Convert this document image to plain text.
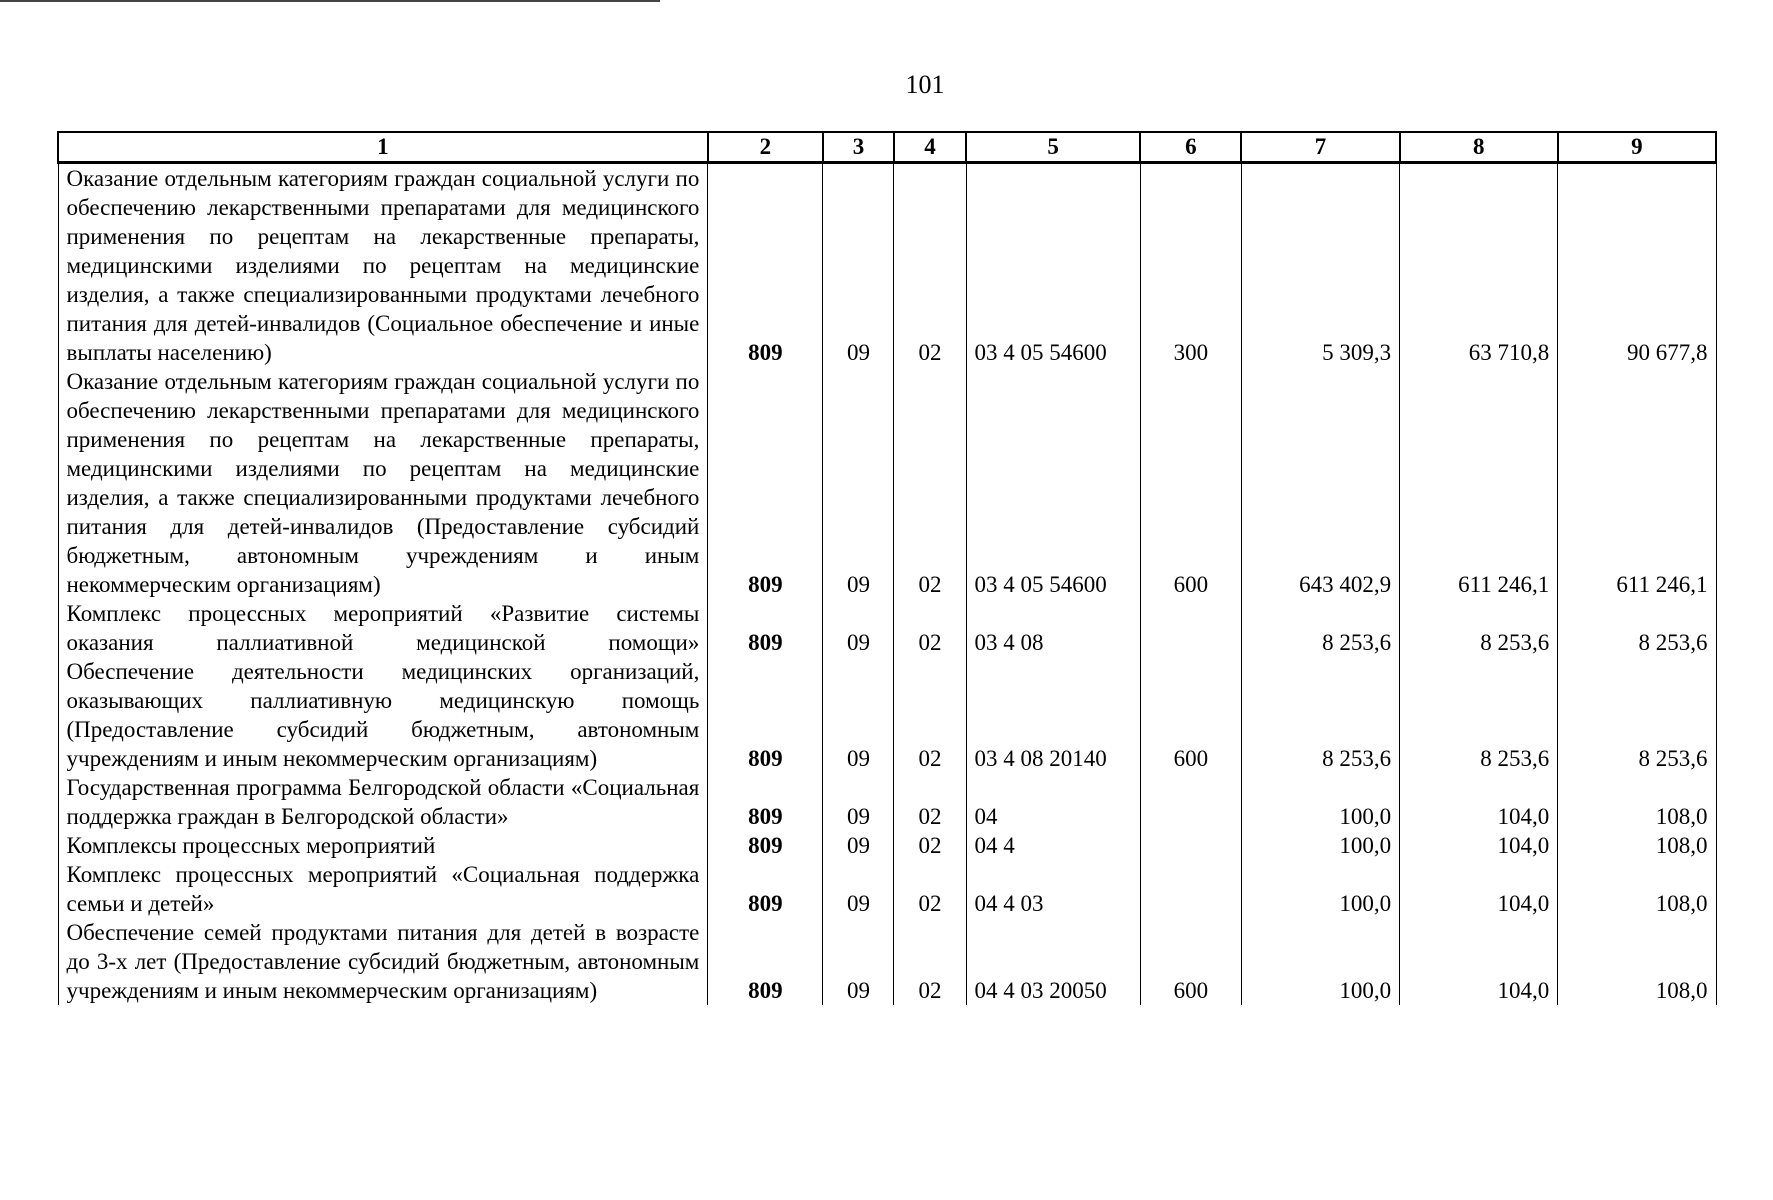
101
1	2	3	4	5	6	7	8	9
Оказание отдельным категориям граждан социальной услуги по обеспечению лекарственными препаратами для медицинского применения по рецептам на лекарственные препараты, медицинскими изделиями по рецептам на медицинские изделия, а также специализированными продуктами лечебного питания для детей-инвалидов (Социальное обеспечение и иные выплаты населению)	809	09	02	03 4 05 54600	300	5 309,3	63 710,8	90 677,8
Оказание отдельным категориям граждан социальной услуги по обеспечению лекарственными препаратами для медицинского применения по рецептам на лекарственные препараты, медицинскими изделиями по рецептам на медицинские изделия, а также специализированными продуктами лечебного питания для детей-инвалидов (Предоставление субсидий бюджетным, автономным учреждениям и иным некоммерческим организациям)	809	09	02	03 4 05 54600	600	643 402,9	611 246,1	611 246,1
Комплекс процессных мероприятий «Развитие системы оказания паллиативной медицинской помощи»	809	09	02	03 4 08		8 253,6	8 253,6	8 253,6
Обеспечение деятельности медицинских организаций, оказывающих паллиативную медицинскую помощь (Предоставление субсидий бюджетным, автономным учреждениям и иным некоммерческим организациям)	809	09	02	03 4 08 20140	600	8 253,6	8 253,6	8 253,6
Государственная программа Белгородской области «Социальная поддержка граждан в Белгородской области»	809	09	02	04		100,0	104,0	108,0
Комплексы процессных мероприятий	809	09	02	04 4		100,0	104,0	108,0
Комплекс процессных мероприятий «Социальная поддержка семьи и детей»	809	09	02	04 4 03		100,0	104,0	108,0
Обеспечение семей продуктами питания для детей в возрасте до 3-х лет (Предоставление субсидий бюджетным, автономным учреждениям и иным некоммерческим организациям)	809	09	02	04 4 03 20050	600	100,0	104,0	108,0
